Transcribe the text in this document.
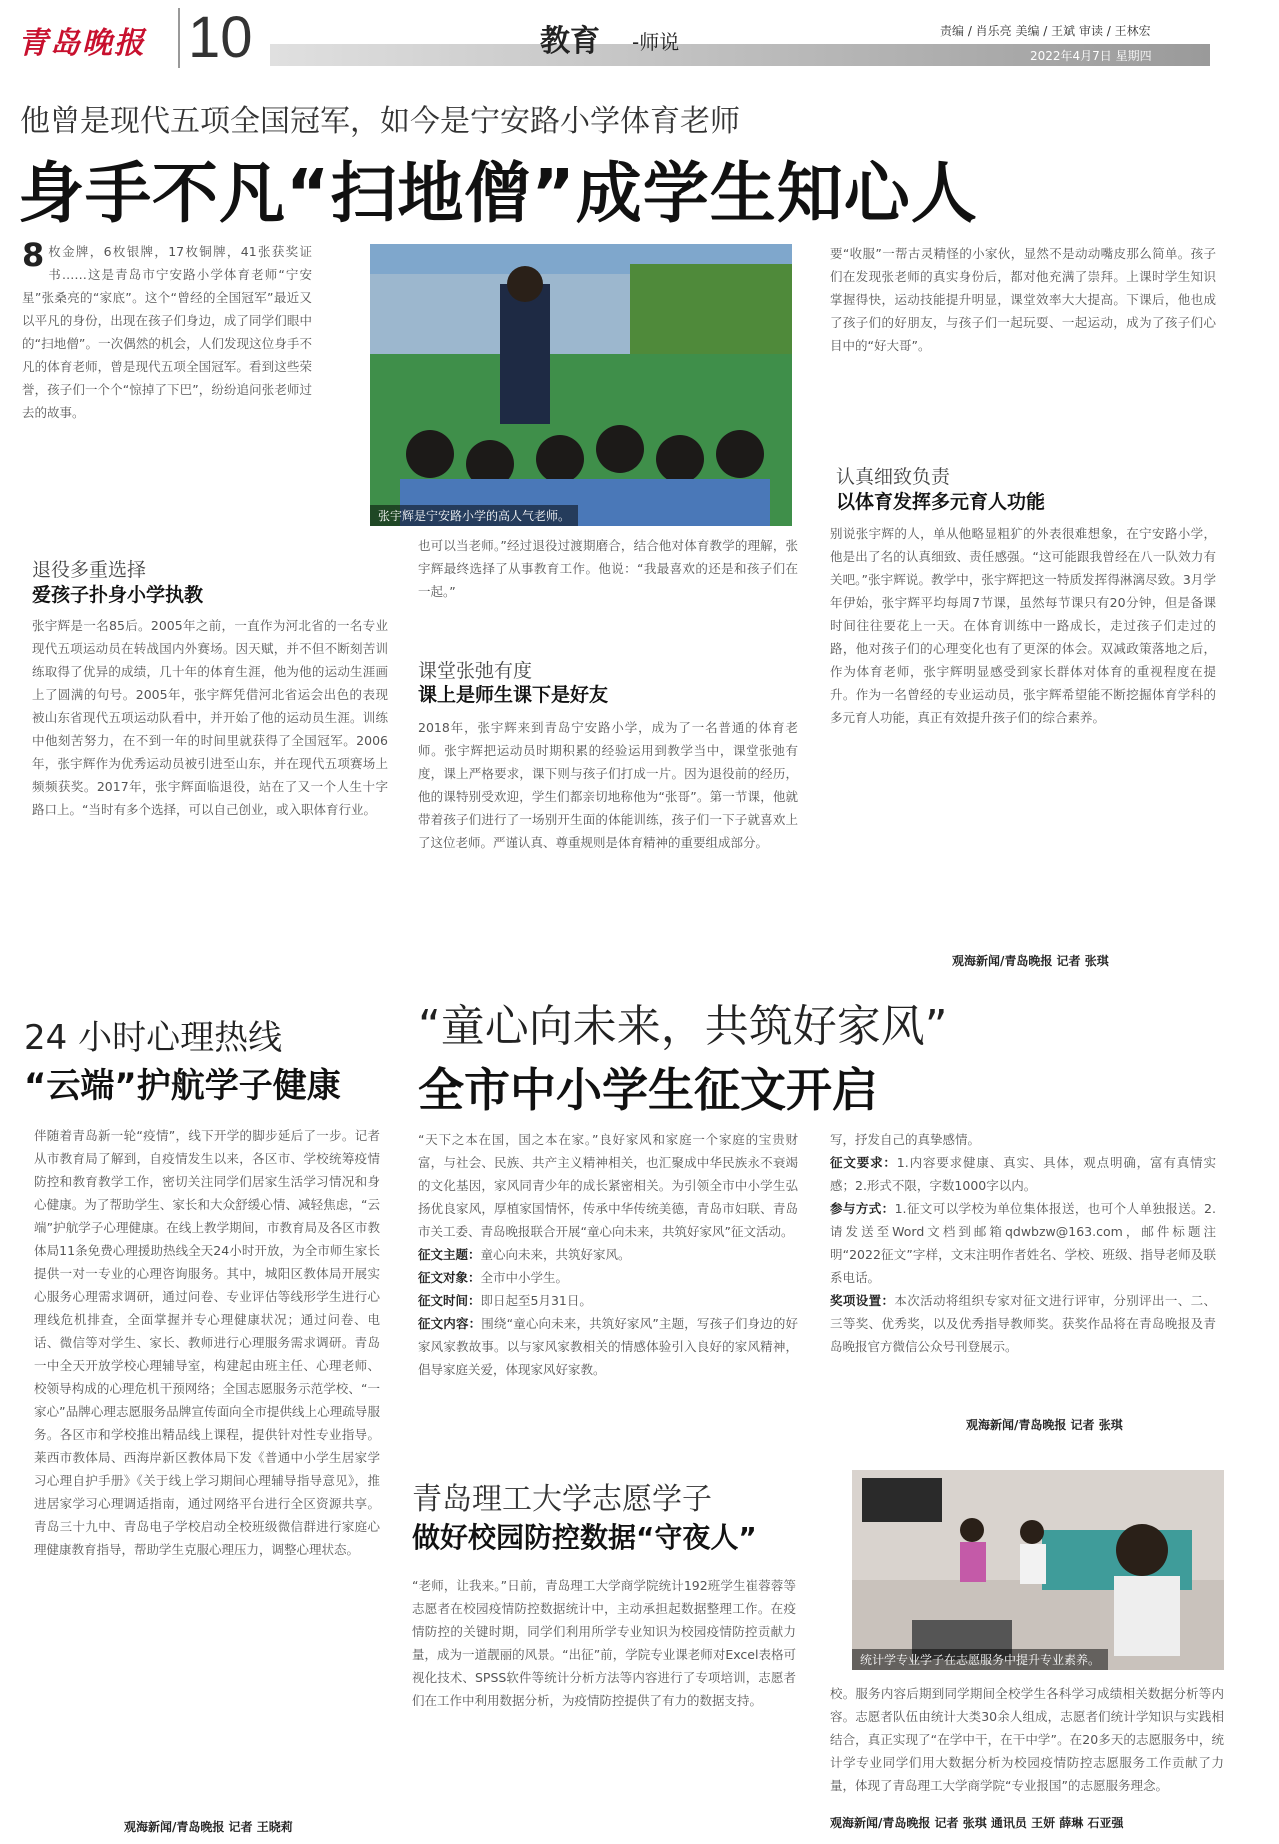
青岛晚报 10	教育 -师说	责编 / 肖乐亮 美编 / 王斌 审读 / 王林宏
2022年4月7日 星期四
他曾是现代五项全国冠军，如今是宁安路小学体育老师
身手不凡“扫地僧”成学生知心人
8 枚金牌，6枚银牌，17枚铜牌，41张获奖证书……这是青岛市宁安路小学体育老师“宁安星”张桑亮的“家底”。这个“曾经的全国冠军”最近又以平凡的身份，出现在孩子们身边，成了同学们眼中的“扫地僧”。一次偶然的机会，人们发现这位身手不凡的体育老师，曾是现代五项全国冠军。看到这些荣誉，孩子们一个个“惊掉了下巴”，纷纷追问张老师过去的故事。
张宇辉是宁安路小学的高人气老师。
退役多重选择
爱孩子扑身小学执教
张宇辉是一名85后。2005年之前，一直作为河北省的一名专业现代五项运动员在转战国内外赛场。因天赋，并不但不断刻苦训练取得了优异的成绩，几十年的体育生涯，他为他的运动生涯画上了圆满的句号。2005年，张宇辉凭借河北省运会出色的表现被山东省现代五项运动队看中，并开始了他的运动员生涯。训练中他刻苦努力，在不到一年的时间里就获得了全国冠军。2006年，张宇辉作为优秀运动员被引进至山东，并在现代五项赛场上频频获奖。2017年，张宇辉面临退役，站在了又一个人生十字路口上。“当时有多个选择，可以自己创业，或入职体育行业。
也可以当老师。”经过退役过渡期磨合，结合他对体育教学的理解，张宇辉最终选择了从事教育工作。他说：“我最喜欢的还是和孩子们在一起。”
课堂张弛有度
课上是师生课下是好友
2018年，张宇辉来到青岛宁安路小学，成为了一名普通的体育老师。张宇辉把运动员时期积累的经验运用到教学当中，课堂张弛有度，课上严格要求，课下则与孩子们打成一片。因为退役前的经历，他的课特别受欢迎，学生们都亲切地称他为“张哥”。第一节课，他就带着孩子们进行了一场别开生面的体能训练，孩子们一下子就喜欢上了这位老师。严谨认真、尊重规则是体育精神的重要组成部分。
要“收服”一帮古灵精怪的小家伙，显然不是动动嘴皮那么简单。孩子们在发现张老师的真实身份后，都对他充满了崇拜。上课时学生知识掌握得快，运动技能提升明显，课堂效率大大提高。下课后，他也成了孩子们的好朋友，与孩子们一起玩耍、一起运动，成为了孩子们心目中的“好大哥”。
认真细致负责
以体育发挥多元育人功能
别说张宇辉的人，单从他略显粗犷的外表很难想象，在宁安路小学，他是出了名的认真细致、责任感强。“这可能跟我曾经在八一队效力有关吧。”张宇辉说。教学中，张宇辉把这一特质发挥得淋漓尽致。3月学年伊始，张宇辉平均每周7节课，虽然每节课只有20分钟，但是备课时间往往要花上一天。在体育训练中一路成长，走过孩子们走过的路，他对孩子们的心理变化也有了更深的体会。双减政策落地之后，作为体育老师，张宇辉明显感受到家长群体对体育的重视程度在提升。作为一名曾经的专业运动员，张宇辉希望能不断挖掘体育学科的多元育人功能，真正有效提升孩子们的综合素养。
观海新闻/青岛晚报 记者 张琪
24 小时心理热线
“云端”护航学子健康
伴随着青岛新一轮“疫情”，线下开学的脚步延后了一步。记者从市教育局了解到，自疫情发生以来，各区市、学校统筹疫情防控和教育教学工作，密切关注同学们居家生活学习情况和身心健康。为了帮助学生、家长和大众舒缓心情、减轻焦虑，“云端”护航学子心理健康。在线上教学期间，市教育局及各区市教体局11条免费心理援助热线全天24小时开放，为全市师生家长提供一对一专业的心理咨询服务。其中，城阳区教体局开展实心服务心理需求调研，通过问卷、专业评估等线形学生进行心理线危机排查，全面掌握并专心理健康状况；通过问卷、电话、微信等对学生、家长、教师进行心理服务需求调研。青岛一中全天开放学校心理辅导室，构建起由班主任、心理老师、校领导构成的心理危机干预网络；全国志愿服务示范学校、“一家心”品牌心理志愿服务品牌宣传面向全市提供线上心理疏导服务。各区市和学校推出精品线上课程，提供针对性专业指导。莱西市教体局、西海岸新区教体局下发《普通中小学生居家学习心理自护手册》《关于线上学习期间心理辅导指导意见》，推进居家学习心理调适指南，通过网络平台进行全区资源共享。青岛三十九中、青岛电子学校启动全校班级微信群进行家庭心理健康教育指导，帮助学生克服心理压力，调整心理状态。
观海新闻/青岛晚报 记者 王晓莉
“童心向未来，共筑好家风”
全市中小学生征文开启
“天下之本在国，国之本在家。”良好家风和家庭一个家庭的宝贵财富，与社会、民族、共产主义精神相关，也汇聚成中华民族永不衰竭的文化基因，家风同青少年的成长紧密相关。为引领全市中小学生弘扬优良家风，厚植家国情怀，传承中华传统美德，青岛市妇联、青岛市关工委、青岛晚报联合开展“童心向未来，共筑好家风”征文活动。
征文主题：童心向未来，共筑好家风。
征文对象：全市中小学生。
征文时间：即日起至5月31日。
征文内容：围绕“童心向未来，共筑好家风”主题，写孩子们身边的好家风家教故事。以与家风家教相关的情感体验引入良好的家风精神，倡导家庭关爱，体现家风好家教。
写，抒发自己的真挚感情。
征文要求：1.内容要求健康、真实、具体，观点明确，富有真情实感；2.形式不限，字数1000字以内。
参与方式：1.征文可以学校为单位集体报送，也可个人单独报送。2.请发送至Word文档到邮箱qdwbzw@163.com，邮件标题注明“2022征文”字样，文末注明作者姓名、学校、班级、指导老师及联系电话。
奖项设置：本次活动将组织专家对征文进行评审，分别评出一、二、三等奖、优秀奖，以及优秀指导教师奖。获奖作品将在青岛晚报及青岛晚报官方微信公众号刊登展示。
观海新闻/青岛晚报 记者 张琪
青岛理工大学志愿学子
做好校园防控数据“守夜人”
统计学专业学子在志愿服务中提升专业素养。
“老师，让我来。”日前，青岛理工大学商学院统计192班学生崔蓉蓉等志愿者在校园疫情防控数据统计中，主动承担起数据整理工作。在疫情防控的关键时期，同学们利用所学专业知识为校园疫情防控贡献力量，成为一道靓丽的风景。“出征”前，学院专业课老师对Excel表格可视化技术、SPSS软件等统计分析方法等内容进行了专项培训，志愿者们在工作中利用数据分析，为疫情防控提供了有力的数据支持。	校。服务内容后期到同学期间全校学生各科学习成绩相关数据分析等内容。志愿者队伍由统计大类30余人组成，志愿者们统计学知识与实践相结合，真正实现了“在学中干，在干中学”。在20多天的志愿服务中，统计学专业同学们用大数据分析为校园疫情防控志愿服务工作贡献了力量，体现了青岛理工大学商学院“专业报国”的志愿服务理念。
观海新闻/青岛晚报 记者 张琪 通讯员 王妍 薛琳 石亚强
